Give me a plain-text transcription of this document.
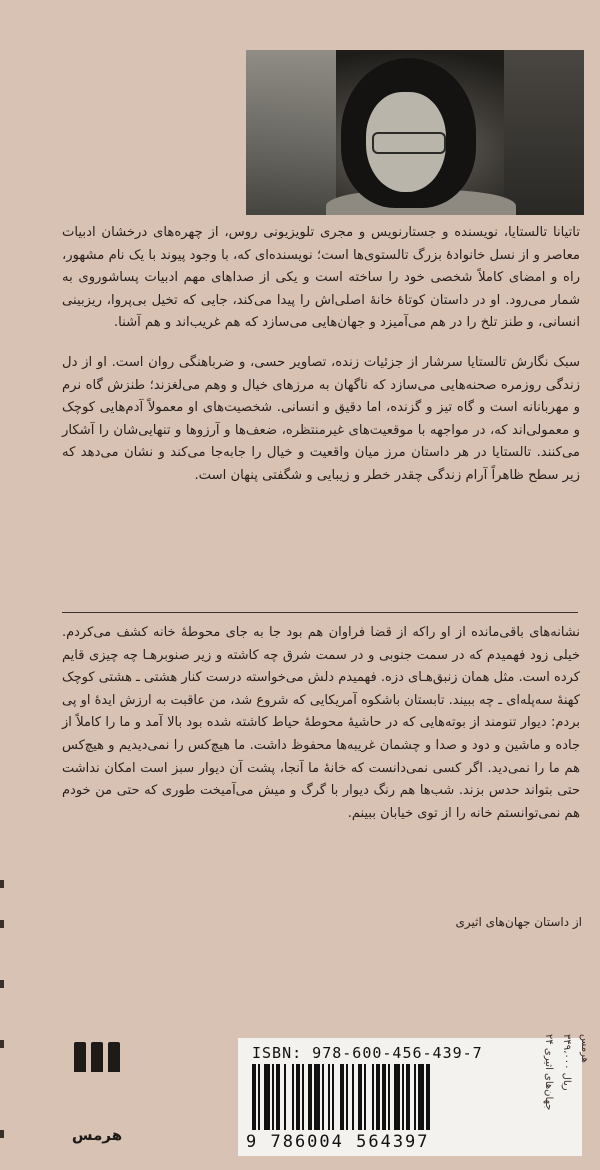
تاتیانا تالستایا، نویسنده و جستارنویس و مجری تلویزیونی روس، از چهره‌های درخشان ادبیات معاصر و از نسل خانوادهٔ بزرگ تالستوی‌ها است؛ نویسنده‌ای که، با وجود پیوند با یک نام مشهور، راه و امضای کاملاً شخصی خود را ساخته است و یکی از صداهای مهم ادبیات پساشوروی به شمار می‌رود. او در داستان کوتاهٔ خانهٔ اصلی‌اش را پیدا می‌کند، جایی که تخیل بی‌پروا، ریزبینی انسانی، و طنز تلخ را در هم می‌آمیزد و جهان‌هایی می‌سازد که هم غریب‌اند و هم آشنا.
سبک نگارش تالستایا سرشار از جزئیات زنده، تصاویر حسی، و ضرباهنگی روان است. او از دل زندگی روزمره صحنه‌هایی می‌سازد که ناگهان به مرزهای خیال و وهم می‌لغزند؛ طنزش گاه نرم و مهربانانه است و گاه تیز و گزنده، اما دقیق و انسانی. شخصیت‌های او معمولاً آدم‌هایی کوچک و معمولی‌اند که، در مواجهه با موقعیت‌های غیرمنتظره، ضعف‌ها و آرزوها و تنهایی‌شان را آشکار می‌کنند. تالستایا در هر داستان مرز میان واقعیت و خیال را جابه‌جا می‌کند و نشان می‌دهد که زیر سطح ظاهراً آرام زندگی چقدر خطر و زیبایی و شگفتی پنهان است.
نشانه‌های باقی‌مانده از او راکه از قضا فراوان هم بود جا به جای محوطهٔ خانه کشف می‌کردم. خیلی زود فهمیدم که در سمت جنوبی و در سمت شرق چه کاشته و زیر صنوبرهـا چه چیزی قایم کرده است. مثل همان زنبق‌هـای دزه. فهمیدم دلش می‌خواسته درست کنار هشتی ـ هشتی کوچک کهنهٔ سه‌پله‌ای ـ چه ببیند. تابستان باشکوه آمریکایی که شروع شد، من عاقبت به ارزش ایدهٔ او پی بردم: دیوار تنومند از بوته‌هایی که در حاشیهٔ محوطهٔ حیاط کاشته شده بود بالا آمد و ما را کاملاً از جاده و ماشین و دود و صدا و چشمان غریبه‌ها محفوظ داشت. ما هیچ‌کس را نمی‌دیدیم و هیچ‌کس هم ما را نمی‌دید. اگر کسی نمی‌دانست که خانهٔ ما آنجا، پشت آن دیوار سبز است امکان نداشت حتی بتواند حدس بزند. شب‌ها هم رنگ دیوار با گرگ و میش می‌آمیخت طوری که حتی من خودم هم نمی‌توانستم خانه را از توی خیابان ببینم.
از داستان جهان‌های اثیری
هرمس
ISBN: 978-600-456-439-7
9 786004 564397
جهان‌های اثیری ۲۴ ۳۴۹،۰۰۰ ریال
هرمس
